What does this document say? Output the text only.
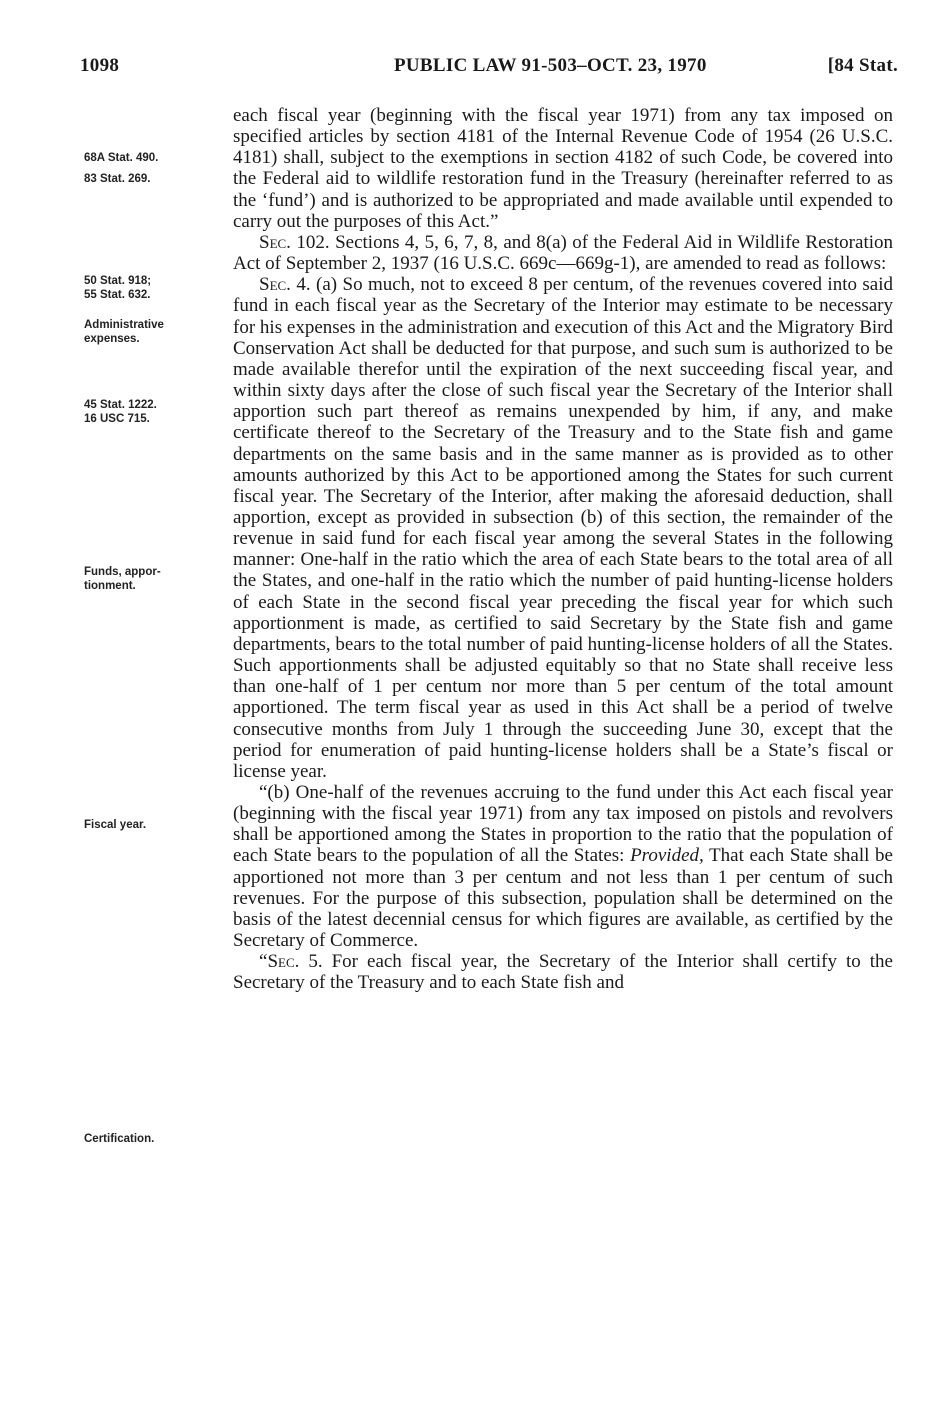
1098	PUBLIC LAW 91-503–OCT. 23, 1970	[84 Stat.
68A Stat. 490.
83 Stat. 269.
50 Stat. 918;
55 Stat. 632.
Administrative
expenses.
45 Stat. 1222.
16 USC 715.
Funds, appor-
tionment.
Fiscal year.
Certification.

each fiscal year (beginning with the fiscal year 1971) from any tax imposed on specified articles by section 4181 of the Internal Revenue Code of 1954 (26 U.S.C. 4181) shall, subject to the exemptions in section 4182 of such Code, be covered into the Federal aid to wildlife restoration fund in the Treasury (hereinafter referred to as the ‘fund’) and is authorized to be appropriated and made available until expended to carry out the purposes of this Act.”

Sec. 102. Sections 4, 5, 6, 7, 8, and 8(a) of the Federal Aid in Wildlife Restoration Act of September 2, 1937 (16 U.S.C. 669c—669g-1), are amended to read as follows:

Sec. 4. (a) So much, not to exceed 8 per centum, of the revenues covered into said fund in each fiscal year as the Secretary of the Interior may estimate to be necessary for his expenses in the administration and execution of this Act and the Migratory Bird Conservation Act shall be deducted for that purpose, and such sum is authorized to be made available therefor until the expiration of the next succeeding fiscal year, and within sixty days after the close of such fiscal year the Secretary of the Interior shall apportion such part thereof as remains unexpended by him, if any, and make certificate thereof to the Secretary of the Treasury and to the State fish and game departments on the same basis and in the same manner as is provided as to other amounts authorized by this Act to be apportioned among the States for such current fiscal year. The Secretary of the Interior, after making the aforesaid deduction, shall apportion, except as provided in subsection (b) of this section, the remainder of the revenue in said fund for each fiscal year among the several States in the following manner: One-half in the ratio which the area of each State bears to the total area of all the States, and one-half in the ratio which the number of paid hunting-license holders of each State in the second fiscal year preceding the fiscal year for which such apportionment is made, as certified to said Secretary by the State fish and game departments, bears to the total number of paid hunting-license holders of all the States. Such apportionments shall be adjusted equitably so that no State shall receive less than one-half of 1 per centum nor more than 5 per centum of the total amount apportioned. The term fiscal year as used in this Act shall be a period of twelve consecutive months from July 1 through the succeeding June 30, except that the period for enumeration of paid hunting-license holders shall be a State’s fiscal or license year.

“(b) One-half of the revenues accruing to the fund under this Act each fiscal year (beginning with the fiscal year 1971) from any tax imposed on pistols and revolvers shall be apportioned among the States in proportion to the ratio that the population of each State bears to the population of all the States: Provided, That each State shall be apportioned not more than 3 per centum and not less than 1 per centum of such revenues. For the purpose of this subsection, population shall be determined on the basis of the latest decennial census for which figures are available, as certified by the Secretary of Commerce.

“Sec. 5. For each fiscal year, the Secretary of the Interior shall certify to the Secretary of the Treasury and to each State fish and
